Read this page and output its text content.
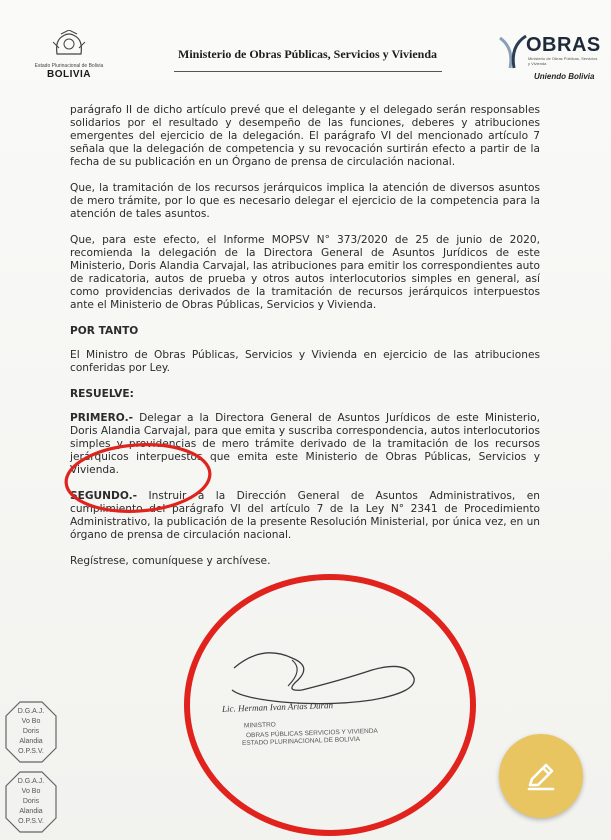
Estado Plurinacional de Bolivia
BOLIVIA
Ministerio de Obras Públicas, Servicios y Vivienda	OBRAS
Ministerio de Obras Públicas, Servicios y Vivienda
Uniendo Bolivia

parágrafo II de dicho artículo prevé que el delegante y el delegado serán responsables solidarios por el resultado y desempeño de las funciones, deberes y atribuciones emergentes del ejercicio de la delegación. El parágrafo VI del mencionado artículo 7 señala que la delegación de competencia y su revocación surtirán efecto a partir de la fecha de su publicación en un Órgano de prensa de circulación nacional.

Que, la tramitación de los recursos jerárquicos implica la atención de diversos asuntos de mero trámite, por lo que es necesario delegar el ejercicio de la competencia para la atención de tales asuntos.

Que, para este efecto, el Informe MOPSV N° 373/2020 de 25 de junio de 2020, recomienda la delegación de la Directora General de Asuntos Jurídicos de este Ministerio, Doris Alandia Carvajal, las atribuciones para emitir los correspondientes auto de radicatoria, autos de prueba y otros autos interlocutorios simples en general, así como providencias derivados de la tramitación de recursos jerárquicos interpuestos ante el Ministerio de Obras Públicas, Servicios y Vivienda.

POR TANTO

El Ministro de Obras Públicas, Servicios y Vivienda en ejercicio de las atribuciones conferidas por Ley.

RESUELVE:

PRIMERO.- Delegar a la Directora General de Asuntos Jurídicos de este Ministerio, Doris Alandia Carvajal, para que emita y suscriba correspondencia, autos interlocutorios simples y providencias de mero trámite derivado de la tramitación de los recursos jerárquicos interpuestos que emita este Ministerio de Obras Públicas, Servicios y Vivienda.

SEGUNDO.- Instruir a la Dirección General de Asuntos Administrativos, en cumplimiento del parágrafo VI del artículo 7 de la Ley N° 2341 de Procedimiento Administrativo, la publicación de la presente Resolución Ministerial, por única vez, en un órgano de prensa de circulación nacional.

Regístrese, comuníquese y archívese.

Lic. Herman Ivan Arias Duran
MINISTRO
OBRAS PÚBLICAS SERVICIOS Y VIVIENDA
ESTADO PLURINACIONAL DE BOLIVIA
D.G.A.J.
Vo Bo
Doris
Alandia
O.P.S.V.
D.G.A.J.
Vo Bo
Doris
Alandia
O.P.S.V.
